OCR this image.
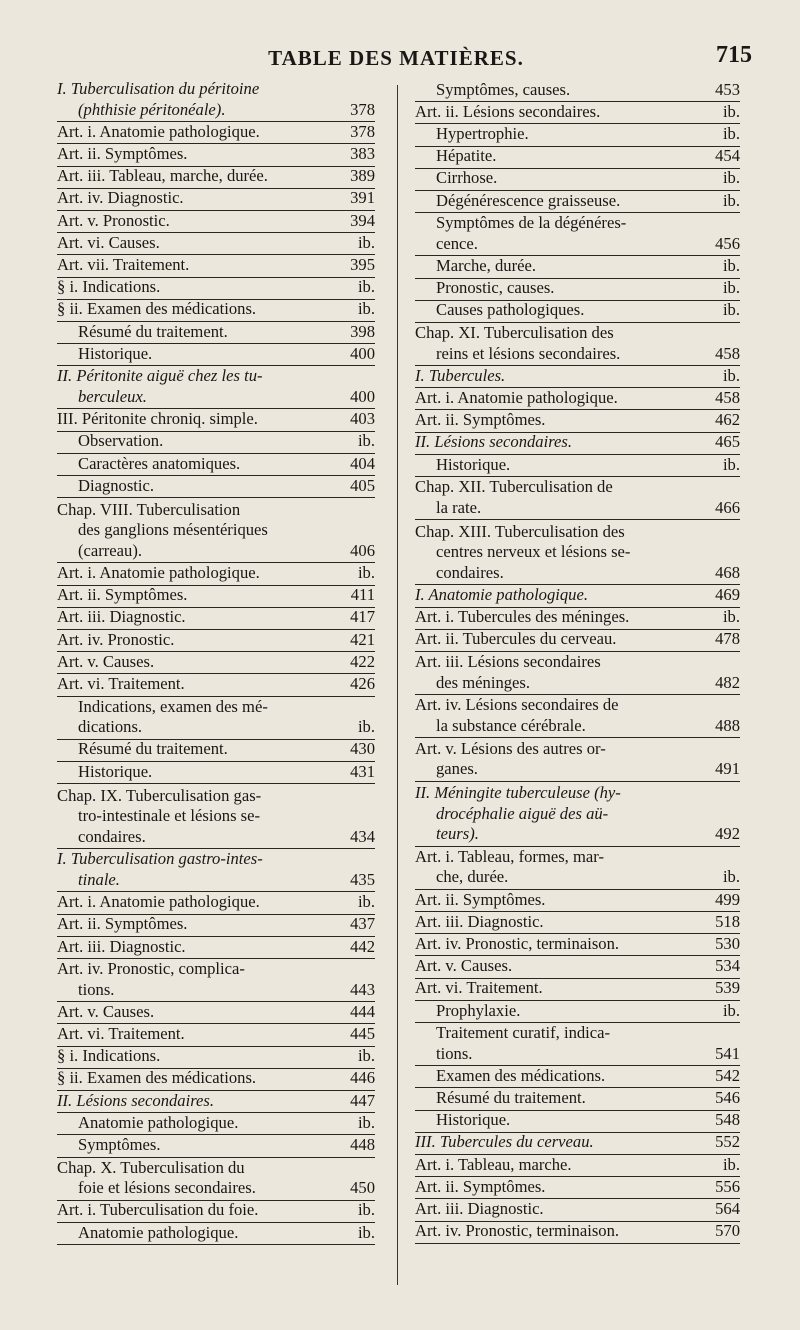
TABLE DES MATIÈRES.	715
I. Tuberculisation du péritoine
(phthisie péritonéale).	378
Art. i. Anatomie pathologique.	378
Art. ii. Symptômes.	383
Art. iii. Tableau, marche, durée.	389
Art. iv. Diagnostic.	391
Art. v. Pronostic.	394
Art. vi. Causes.	ib.
Art. vii. Traitement.	395
§ i. Indications.	ib.
§ ii. Examen des médications.	ib.
Résumé du traitement.	398
Historique.	400
II. Péritonite aiguë chez les tu-
berculeux.	400
III. Péritonite chroniq. simple.	403
Observation.	ib.
Caractères anatomiques.	404
Diagnostic.	405
Chap. VIII. Tuberculisation
des ganglions mésentériques
(carreau).	406
Art. i. Anatomie pathologique.	ib.
Art. ii. Symptômes.	411
Art. iii. Diagnostic.	417
Art. iv. Pronostic.	421
Art. v. Causes.	422
Art. vi. Traitement.	426
Indications, examen des mé-
dications.	ib.
Résumé du traitement.	430
Historique.	431
Chap. IX. Tuberculisation gas-
tro-intestinale et lésions se-
condaires.	434
I. Tuberculisation gastro-intes-
tinale.	435
Art. i. Anatomie pathologique.	ib.
Art. ii. Symptômes.	437
Art. iii. Diagnostic.	442
Art. iv. Pronostic, complica-
tions.	443
Art. v. Causes.	444
Art. vi. Traitement.	445
§ i. Indications.	ib.
§ ii. Examen des médications.	446
II. Lésions secondaires.	447
Anatomie pathologique.	ib.
Symptômes.	448
Chap. X. Tuberculisation du
foie et lésions secondaires.	450
Art. i. Tuberculisation du foie.	ib.
Anatomie pathologique.	ib.
Symptômes, causes.	453
Art. ii. Lésions secondaires.	ib.
Hypertrophie.	ib.
Hépatite.	454
Cirrhose.	ib.
Dégénérescence graisseuse.	ib.
Symptômes de la dégénéres-
cence.	456
Marche, durée.	ib.
Pronostic, causes.	ib.
Causes pathologiques.	ib.
Chap. XI. Tuberculisation des
reins et lésions secondaires.	458
I. Tubercules.	ib.
Art. i. Anatomie pathologique.	458
Art. ii. Symptômes.	462
II. Lésions secondaires.	465
Historique.	ib.
Chap. XII. Tuberculisation de
la rate.	466
Chap. XIII. Tuberculisation des
centres nerveux et lésions se-
condaires.	468
I. Anatomie pathologique.	469
Art. i. Tubercules des méninges.	ib.
Art. ii. Tubercules du cerveau.	478
Art. iii. Lésions secondaires
des méninges.	482
Art. iv. Lésions secondaires de
la substance cérébrale.	488
Art. v. Lésions des autres or-
ganes.	491
II. Méningite tuberculeuse (hy-
drocéphalie aiguë des aü-
teurs).	492
Art. i. Tableau, formes, mar-
che, durée.	ib.
Art. ii. Symptômes.	499
Art. iii. Diagnostic.	518
Art. iv. Pronostic, terminaison.	530
Art. v. Causes.	534
Art. vi. Traitement.	539
Prophylaxie.	ib.
Traitement curatif, indica-
tions.	541
Examen des médications.	542
Résumé du traitement.	546
Historique.	548
III. Tubercules du cerveau.	552
Art. i. Tableau, marche.	ib.
Art. ii. Symptômes.	556
Art. iii. Diagnostic.	564
Art. iv. Pronostic, terminaison.	570
